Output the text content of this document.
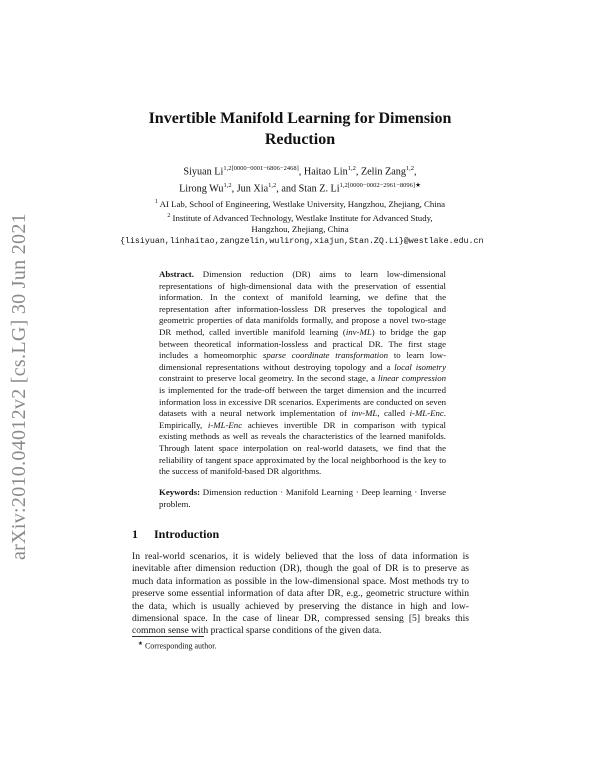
arXiv:2010.04012v2 [cs.LG] 30 Jun 2021
Invertible Manifold Learning for Dimension Reduction
Siyuan $Li^{1,2[0000-0001-6806-2468]}$, Haitao Lin$^{1,2}$, Zelin Zang$^{1,2}$,
Lirong Wu$^{1,2}$, Jun Xia$^{1,2}$, and Stan Z. $Li^{1,2[0000-0002-2961-8096]★}$
$^1$ AI Lab, School of Engineering, Westlake University, Hangzhou, Zhejiang, China
$^2$ Institute of Advanced Technology, Westlake Institute for Advanced Study,
Hangzhou, Zhejiang, China
{lisiyuan,linhaitao,zangzelin,wulirong,xiajun,Stan.ZQ.Li}@westlake.edu.cn
Abstract. Dimension reduction (DR) aims to learn low-dimensional representations of high-dimensional data with the preservation of essential information. In the context of manifold learning, we define that the representation after information-lossless DR preserves the topological and geometric properties of data manifolds formally, and propose a novel two-stage DR method, called invertible manifold learning (inv-ML) to bridge the gap between theoretical information-lossless and practical DR. The first stage includes a homeomorphic sparse coordinate transformation to learn low-dimensional representations without destroying topology and a local isometry constraint to preserve local geometry. In the second stage, a linear compression is implemented for the trade-off between the target dimension and the incurred information loss in excessive DR scenarios. Experiments are conducted on seven datasets with a neural network implementation of inv-ML, called i-ML-Enc. Empirically, i-ML-Enc achieves invertible DR in comparison with typical existing methods as well as reveals the characteristics of the learned manifolds. Through latent space interpolation on real-world datasets, we find that the reliability of tangent space approximated by the local neighborhood is the key to the success of manifold-based DR algorithms.
Keywords: Dimension reduction · Manifold Learning · Deep learning · Inverse problem.
1 Introduction
In real-world scenarios, it is widely believed that the loss of data information is inevitable after dimension reduction (DR), though the goal of DR is to preserve as much data information as possible in the low-dimensional space. Most methods try to preserve some essential information of data after DR, e.g., geometric structure within the data, which is usually achieved by preserving the distance in high and low-dimensional space. In the case of linear DR, compressed sensing [5] breaks this common sense with practical sparse conditions of the given data.
★ Corresponding author.
